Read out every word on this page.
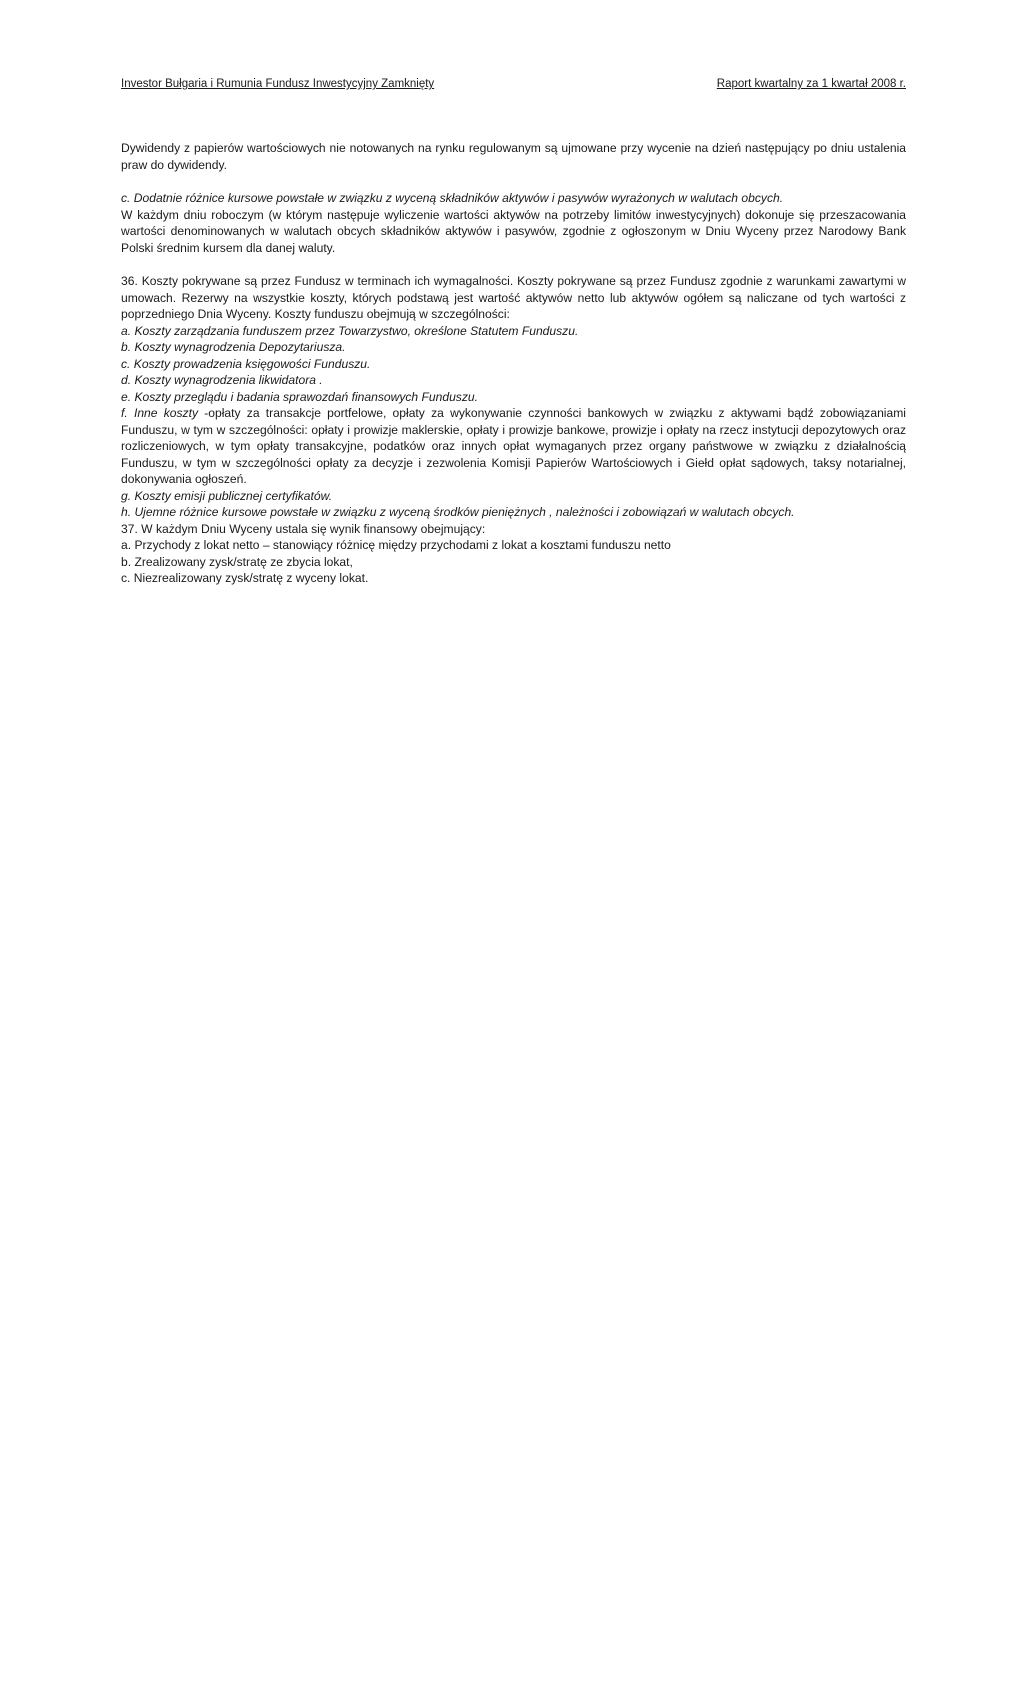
Investor Bułgaria i Rumunia Fundusz Inwestycyjny Zamknięty	Raport kwartalny za 1 kwartał 2008 r.

Dywidendy z papierów wartościowych nie notowanych na rynku regulowanym są ujmowane przy wycenie na dzień następujący po dniu ustalenia praw do dywidendy.

c. Dodatnie różnice kursowe powstałe w związku z wyceną składników aktywów i pasywów wyrażonych w walutach obcych.

W każdym dniu roboczym (w którym następuje wyliczenie wartości aktywów na potrzeby limitów inwestycyjnych) dokonuje się przeszacowania wartości denominowanych w walutach obcych składników aktywów i pasywów, zgodnie z ogłoszonym w Dniu Wyceny przez Narodowy Bank Polski średnim kursem dla danej waluty.

36. Koszty pokrywane są przez Fundusz w terminach ich wymagalności. Koszty pokrywane są przez Fundusz zgodnie z warunkami zawartymi w umowach. Rezerwy na wszystkie koszty, których podstawą jest wartość aktywów netto lub aktywów ogółem są naliczane od tych wartości z poprzedniego Dnia Wyceny. Koszty funduszu obejmują w szczególności:

a. Koszty zarządzania funduszem przez Towarzystwo, określone Statutem Funduszu.

b. Koszty wynagrodzenia Depozytariusza.

c. Koszty prowadzenia księgowości Funduszu.

d. Koszty wynagrodzenia likwidatora .

e. Koszty przeglądu i badania sprawozdań finansowych Funduszu.

f. Inne koszty -opłaty za transakcje portfelowe, opłaty za wykonywanie czynności bankowych w związku z aktywami bądź zobowiązaniami Funduszu, w tym w szczególności: opłaty i prowizje maklerskie, opłaty i prowizje bankowe, prowizje i opłaty na rzecz instytucji depozytowych oraz rozliczeniowych, w tym opłaty transakcyjne, podatków oraz innych opłat wymaganych przez organy państwowe w związku z działalnością Funduszu, w tym w szczególności opłaty za decyzje i zezwolenia Komisji Papierów Wartościowych i Giełd opłat sądowych, taksy notarialnej, dokonywania ogłoszeń.

g. Koszty emisji publicznej certyfikatów.

h. Ujemne różnice kursowe powstałe w związku z wyceną środków pieniężnych , należności i zobowiązań w walutach obcych.

37. W każdym Dniu Wyceny ustala się wynik finansowy obejmujący:

a. Przychody z lokat netto – stanowiący różnicę między przychodami z lokat a kosztami funduszu netto

b. Zrealizowany zysk/stratę ze zbycia lokat,

c. Niezrealizowany zysk/stratę z wyceny lokat.
